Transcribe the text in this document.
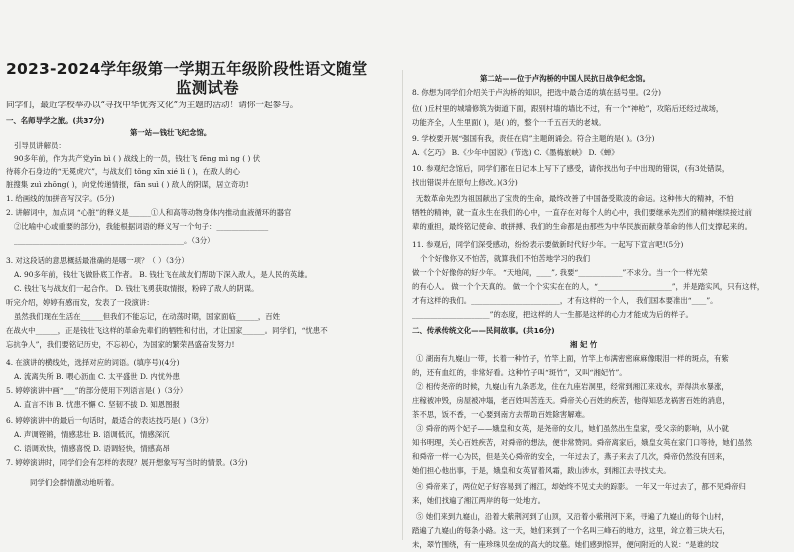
2023-2024学年级第一学期五年级阶段性语文随堂
监测试卷
同学们，最近学校举办以“寻找中华优秀文化”为主题的活动！请你一起参与。
一、名师导学之旅。(共37分)
第一站—钱壮飞纪念馆。
引导员讲解员：
90多年前，作为共产党yǐn bì ( ) 战线上的一员，钱壮飞 fēng mì ng ( ) 伏
待蒋介石身边的“无冕虎穴”，与战友们 tǒng xīn xié lì ( )，在敌人的心
脏搜集 zuì zhōng( )，向党传递情报，fān suì ( ) 敌人的阴谋，居立奇功!
1. 给画线的加拼音写汉字。(5分)
2. 讲解词中，加点词 “心脏”的释义是______①人和高等动物身体内推动血液循环的器官
②比喻中心或重要的部分)，我能根据词语的释义写一个句子：______________
______________________________________________。（3分）
3. 对这段话的意思概括最准确的是哪一项？（ ）（3分）
A. 90多年前，钱壮飞做卧底工作者。 B. 钱壮飞在战友们帮助下深入敌人，是人民的英雄。
C. 钱壮飞与战友们一起合作。 D. 钱壮飞勇获取情报，粉碎了敌人的阴谋。
听完介绍，婷婷有感而发，发表了一段演讲：
虽然我们现在生活在______但我们不能忘记，在动荡时期，国家面临______，百姓
在战火中______，正是钱壮飞这样的革命先辈们的牺牲和付出，才让国家______。同学们，“忧患不
忘抗争人”，我们要铭记历史，不忘初心，为国家的繁荣昌盛奋发努力!
4. 在演讲的横线处，选择对应的词语。(填序号)(4分)
A. 流离失所 B. 喂心沥血 C. 太平盛世 D. 内忧外患
5. 婷婷演讲中画“___”的部分使用下列语言是( )（3分）
A. 直言不讳 B. 忧患不懈 C. 坚韧不拔 D. 知恩图报
6. 婷婷演讲中的最后一句话时，最适合的表达技巧是( )（3分）
A. 声调铿锵，情感悲壮 B. 语调低沉，情感深沉
C. 语调欢快，情感喜悦 D. 语调轻快，情感高昂
7. 婷婷演讲时，同学们会有怎样的表现？展开想象写写当时的情景。(3分)
同学们会群情激动地听着。
第二站——位于卢沟桥的中国人民抗日战争纪念馆。
8. 你想为同学们介绍关于卢沟桥的知识，把选中最合适的填在括号里。(2分)
位( )丘村里的城墙修筑为街道下面，跟别村墙的墙比不过，有一个“神枪”，攻陷后还经过战场，
功能齐全，人生里面( )，是( )的，整个一千五百天的老城。
9. 学校要开展“强国有我，责任在肩”主题朗诵会。符合主题的是( )。(3分)
A.《乞巧》 B.《少年中国说》(节选) C.《墨梅旅峡》 D.《蝉》
10. 参观纪念馆后，同学们都在日记本上写下了感受，请你找出句子中出现的错误，(有3处错误，
找出错误并在原句上修改。)(3分)
无数革命先烈为祖国献出了宝贵的生命，最终改善了中国备受欺凌的命运。这种伟大的精神，不怕
牺牲的精神，就一直永生在我们的心中，一直存在对每个人的心中，我们要继承先烈们的精神继续接过前
辈的重担，最终铭记使命、敢拼搏、我们的生命都是由那些为中华民族而献身革命的伟人们支撑起来的。
11. 参观后，同学们深受感动，纷纷表示要做新时代好少年。一起写下宣言吧!(5分)
个个好像你又不怕苦，就算我们不怕苦地学习的我们
做一个个好像你的好少年。 “天地间，____”, 我要“____________”不求分。当一个一样光荣
的有心人。 做一个个天真的。 做一个个实实在在的人，“____________________”，并是踏实风，只有这样，
才有这样的我们。________________________，才有这样的一个人， 我们国本要准出“____”。
_____________________”的态度，把这样的人一生都是这样的心力才能成为后的样子。
二、传承传统文化——民间故事。(共16分)
湘 妃 竹
① 湖南有九嶷山一带，长着一种竹子，竹竿上面，竹竿上布满密密麻麻像眼泪一样的斑点，有紫
的，还有血红的，非常好看。这种竹子叫“斑竹”，又叫“湘妃竹”。
② 相传尧帝的时候，九嶷山有九条恶龙，住在九座岩洞里，经常到湘江来戏水，弄得洪水暴涨，
庄稼被冲毁，房屋被冲塌，老百姓叫苦连天。舜帝关心百姓的疾苦，他得知恶龙祸害百姓的消息，
茶不思，饭不香，一心要到南方去帮助百姓除害解难。
③ 舜帝的两个妃子——娥皇和女英，是尧帝的女儿，她们虽然出生皇家，受父亲的影响，从小就
知书明理，关心百姓疾苦，对舜帝的想法，便非常赞同。舜帝离家后，娥皇女英在家门口等待，她们虽然
和舜帝一样一心为民，但是关心舜帝的安全，一年过去了，燕子来去了几次，舜帝仍然没有回来，
她们担心他出事，于是，娥皇和女英冒着风霜，跋山涉水，到湘江去寻找丈夫。
④ 舜帝来了，两位妃子好容易到了湘江，却始终不见丈夫的踪影。 一年又一年过去了，都不见舜帝归
来，她们找遍了湘江两岸的每一处地方。
⑤ 她们来到九嶷山，沿着大紫荆河到了山顶，又沿着小紫荆河下来，寻遍了九嶷山的每个山村，
踏遍了九嶷山的每条小路。这一天，她们来到了一个名叫三峰石的地方，这里，耸立着三块大石，
未，翠竹围绕，有一座珍珠贝垒成的高大的坟墓。她们感到惊异，便问附近的人说：“是谁的坟
